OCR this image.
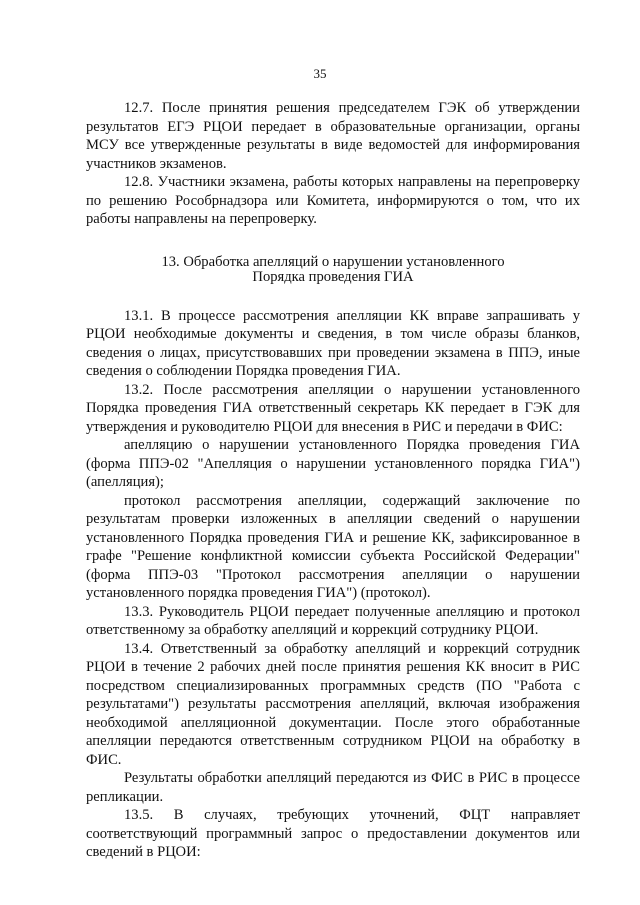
35

12.7. После принятия решения председателем ГЭК об утверждении результатов ЕГЭ РЦОИ передает в образовательные организации, органы МСУ все утвержденные результаты в виде ведомостей для информирования участников экзаменов.

12.8. Участники экзамена, работы которых направлены на перепроверку по решению Рособрнадзора или Комитета, информируются о том, что их работы направлены на перепроверку.

13. Обработка апелляций о нарушении установленного
Порядка проведения ГИА

13.1. В процессе рассмотрения апелляции КК вправе запрашивать у РЦОИ необходимые документы и сведения, в том числе образы бланков, сведения о лицах, присутствовавших при проведении экзамена в ППЭ, иные сведения о соблюдении Порядка проведения ГИА.

13.2. После рассмотрения апелляции о нарушении установленного Порядка проведения ГИА ответственный секретарь КК передает в ГЭК для утверждения и руководителю РЦОИ для внесения в РИС и передачи в ФИС:

апелляцию о нарушении установленного Порядка проведения ГИА (форма ППЭ-02 "Апелляция о нарушении установленного порядка ГИА") (апелляция);

протокол рассмотрения апелляции, содержащий заключение по результатам проверки изложенных в апелляции сведений о нарушении установленного Порядка проведения ГИА и решение КК, зафиксированное в графе "Решение конфликтной комиссии субъекта Российской Федерации" (форма ППЭ-03 "Протокол рассмотрения апелляции о нарушении установленного порядка проведения ГИА") (протокол).

13.3. Руководитель РЦОИ передает полученные апелляцию и протокол ответственному за обработку апелляций и коррекций сотруднику РЦОИ.

13.4. Ответственный за обработку апелляций и коррекций сотрудник РЦОИ в течение 2 рабочих дней после принятия решения КК вносит в РИС посредством специализированных программных средств (ПО "Работа с результатами") результаты рассмотрения апелляций, включая изображения необходимой апелляционной документации. После этого обработанные апелляции передаются ответственным сотрудником РЦОИ на обработку в ФИС.

Результаты обработки апелляций передаются из ФИС в РИС в процессе репликации.

13.5. В случаях, требующих уточнений, ФЦТ направляет соответствующий программный запрос о предоставлении документов или сведений в РЦОИ:
